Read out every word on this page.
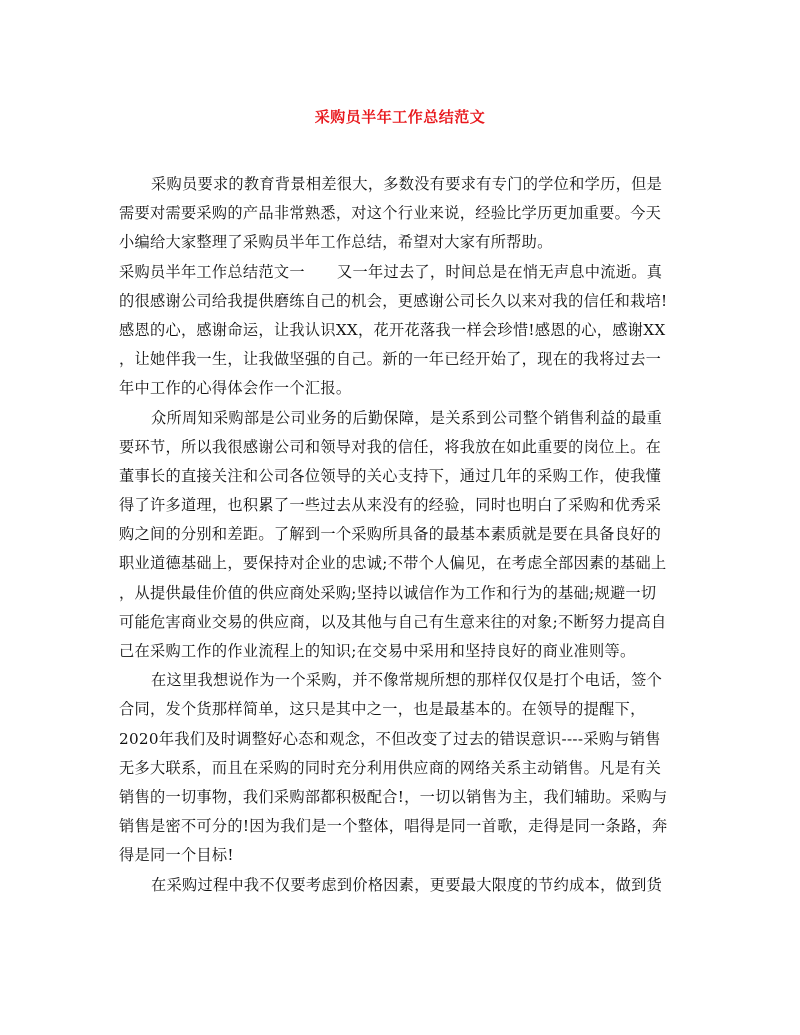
采购员半年工作总结范文
采购员要求的教育背景相差很大，多数没有要求有专门的学位和学历，但是
需要对需要采购的产品非常熟悉，对这个行业来说，经验比学历更加重要。今天
小编给大家整理了采购员半年工作总结，希望对大家有所帮助。
采购员半年工作总结范文一 又一年过去了，时间总是在悄无声息中流逝。真
的很感谢公司给我提供磨练自己的机会，更感谢公司长久以来对我的信任和栽培!
感恩的心，感谢命运，让我认识XX，花开花落我一样会珍惜!感恩的心，感谢XX
，让她伴我一生，让我做坚强的自己。新的一年已经开始了，现在的我将过去一
年中工作的心得体会作一个汇报。
众所周知采购部是公司业务的后勤保障，是关系到公司整个销售利益的最重
要环节，所以我很感谢公司和领导对我的信任，将我放在如此重要的岗位上。在
董事长的直接关注和公司各位领导的关心支持下，通过几年的采购工作，使我懂
得了许多道理，也积累了一些过去从来没有的经验，同时也明白了采购和优秀采
购之间的分别和差距。了解到一个采购所具备的最基本素质就是要在具备良好的
职业道德基础上，要保持对企业的忠诚;不带个人偏见，在考虑全部因素的基础上
，从提供最佳价值的供应商处采购;坚持以诚信作为工作和行为的基础;规避一切
可能危害商业交易的供应商，以及其他与自己有生意来往的对象;不断努力提高自
己在采购工作的作业流程上的知识;在交易中采用和坚持良好的商业准则等。
在这里我想说作为一个采购，并不像常规所想的那样仅仅是打个电话，签个
合同，发个货那样简单，这只是其中之一，也是最基本的。在领导的提醒下，
2020年我们及时调整好心态和观念，不但改变了过去的错误意识----采购与销售
无多大联系，而且在采购的同时充分利用供应商的网络关系主动销售。凡是有关
销售的一切事物，我们采购部都积极配合!，一切以销售为主，我们辅助。采购与
销售是密不可分的!因为我们是一个整体，唱得是同一首歌，走得是同一条路，奔
得是同一个目标!
在采购过程中我不仅要考虑到价格因素，更要最大限度的节约成本，做到货
